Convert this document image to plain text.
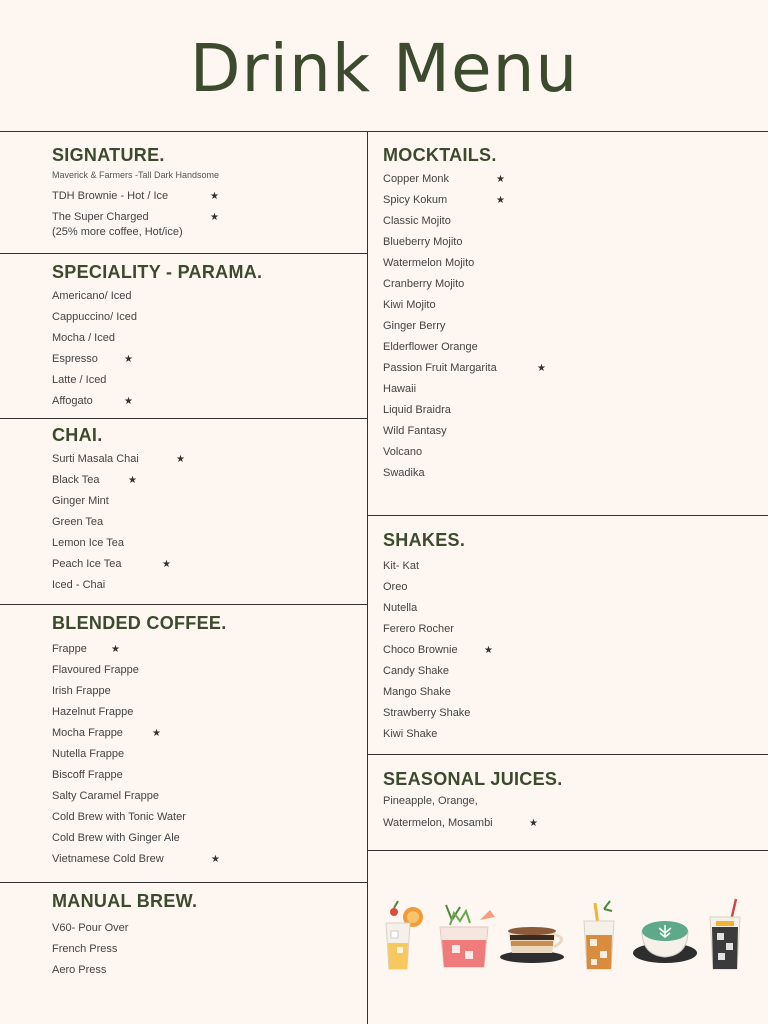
Drink Menu
SIGNATURE.
Maverick & Farmers -Tall Dark Handsome
TDH Brownie - Hot / Ice	★
The Super Charged
(25% more coffee, Hot/ice)
★
SPECIALITY - PARAMA.
Americano/ Iced
Cappuccino/ Iced
Mocha / Iced
Espresso	★
Latte / Iced
Affogato	★
CHAI.
Surti Masala Chai	★
Black Tea	★
Ginger Mint
Green Tea
Lemon Ice Tea
Peach Ice Tea	★
Iced - Chai
BLENDED COFFEE.
Frappe ★
Flavoured Frappe
Irish Frappe
Hazelnut Frappe
Mocha Frappe	★
Nutella Frappe
Biscoff Frappe
Salty Caramel Frappe
Cold Brew with Tonic Water
Cold Brew with Ginger Ale
Vietnamese Cold Brew	★
MANUAL BREW.
V60- Pour Over
French Press
Aero Press
MOCKTAILS.
Copper Monk	★
Spicy Kokum	★
Classic Mojito
Blueberry Mojito
Watermelon Mojito
Cranberry Mojito
Kiwi Mojito
Ginger Berry
Elderflower Orange
Passion Fruit Margarita	★
Hawaii
Liquid Braidra
Wild Fantasy
Volcano
Swadika
SHAKES.
Kit- Kat
Oreo
Nutella
Ferero Rocher
Choco Brownie	★
Candy Shake
Mango Shake
Strawberry Shake
Kiwi Shake
SEASONAL JUICES.
Pineapple, Orange,
Watermelon, Mosambi	★
